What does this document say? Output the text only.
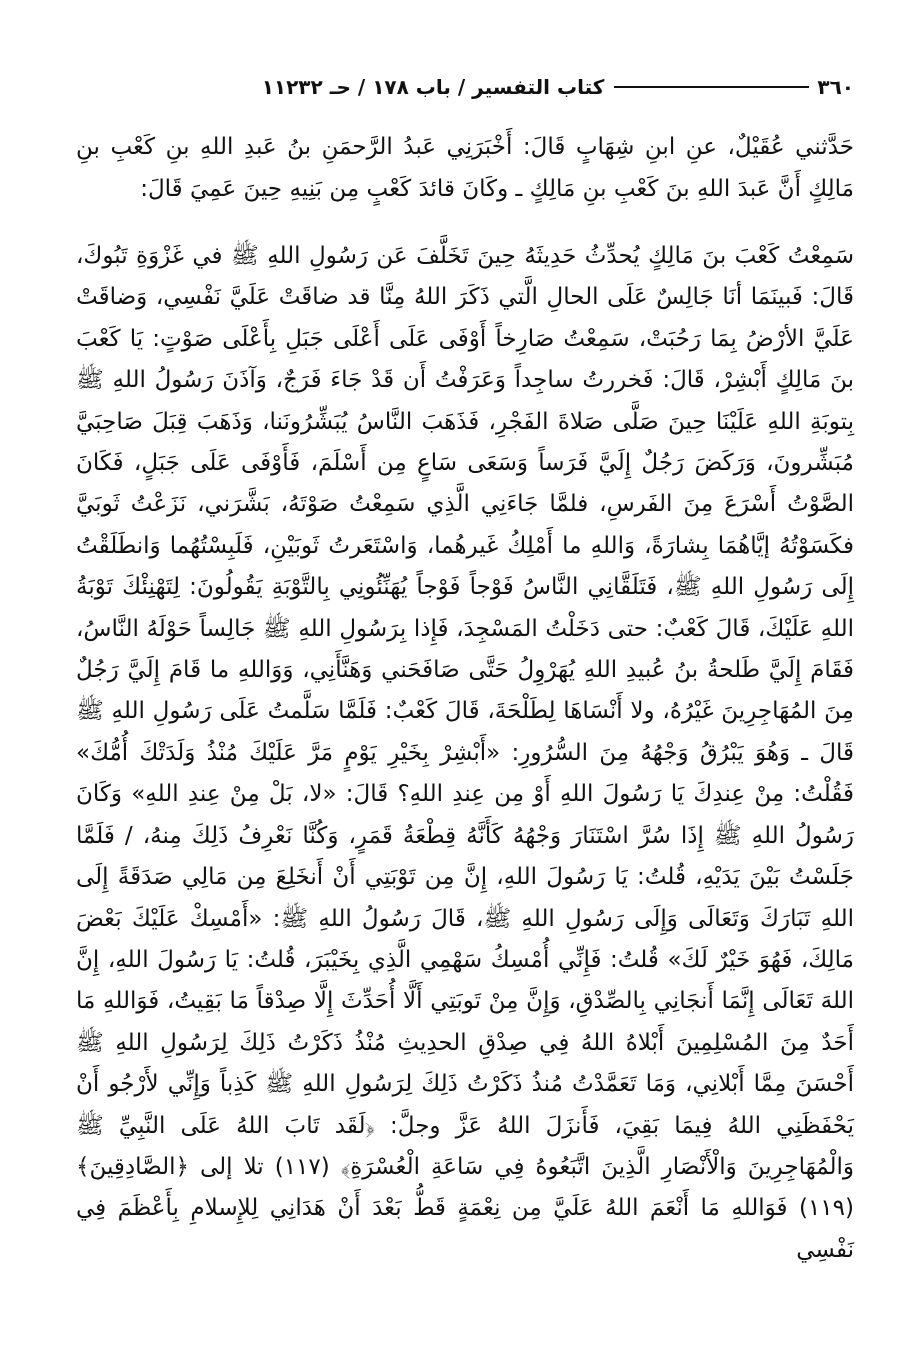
٣٦٠
كتاب التفسير / باب ١٧٨ / حـ ١١٢٣٢

حَدَّثني عُقَيْلٌ، عنِ ابنِ شِهَابٍ قَالَ: أَخْبَرَنِي عَبدُ الرَّحمَنِ بنُ عَبدِ اللهِ بنِ كَعْبِ بنِ مَالِكٍ أَنَّ عَبدَ اللهِ بنَ كَعْبِ بنِ مَالِكٍ ـ وكَانَ قائدَ كَعْبٍ مِن بَنِيهِ حِينَ عَمِيَ قَالَ:

سَمِعْتُ كَعْبَ بنَ مَالِكٍ يُحدِّثُ حَدِيثَهُ حِينَ تَخَلَّفَ عَن رَسُولِ اللهِ ﷺ في غَزْوَةِ تَبُوكَ، قَالَ: فَبينَمَا أنَا جَالِسٌ عَلَى الحالِ الَّتي ذَكَرَ اللهُ مِنَّا قد ضاقَتْ عَلَيَّ نَفْسِي، وَضاقَتْ عَلَيَّ الأرْضُ بِمَا رَحُبَتْ، سَمِعْتُ صَارِخاً أَوْفَى عَلَى أَعْلَى جَبَلِ بِأَعْلَى صَوْتٍ: يَا كَعْبَ بنَ مَالِكٍ أَبْشِرْ، قَالَ: فَخررتُ ساجِداً وَعَرَفْتُ أَن قَدْ جَاءَ فَرَجٌ، وَآذَنَ رَسُولُ اللهِ ﷺ بِتوبَةِ اللهِ عَلَيْنَا حِينَ صَلَّى صَلاةَ الفَجْرِ، فَذَهَبَ النَّاسُ يُبَشِّرُونَنا، وَذَهَبَ قِبَلَ صَاحِبَيَّ مُبَشِّرونَ، وَرَكَضَ رَجُلٌ إِلَيَّ فَرَساً وَسَعَى سَاعٍ مِن أَسْلَمَ، فَأَوْفَى عَلَى جَبَلٍ، فَكَانَ الصَّوْتُ أَسْرَعَ مِنَ الفَرسِ، فلمَّا جَاءَنِي الَّذِي سَمِعْتُ صَوْتَهُ، بَشَّرَني، نَزَعْتُ ثَوبَيَّ فكَسَوْتُهُ إيَّاهُمَا بِشارَةً، وَاللهِ ما أَمْلِكُ غَيرهُما، وَاسْتَعَرتُ ثَوبَيْنِ، فَلَبِسْتُهُما وَانطَلَقْتُ إِلَى رَسُولِ اللهِ ﷺ، فَتَلَقَّانِي النَّاسُ فَوْجاً فَوْجاً يُهَنِّئُونِي بِالتَّوْبَةِ يَقُولُونَ: لِتَهْنِئْكَ تَوْبَةُ اللهِ عَلَيْكَ، قَالَ كَعْبٌ: حتى دَخَلْتُ المَسْجِدَ، فَإِذا بِرَسُولِ اللهِ ﷺ جَالِساً حَوْلَهُ النَّاسُ، فَقَامَ إِلَيَّ طَلحةُ بنُ عُبيدِ اللهِ يُهَرْوِلُ حَتَّى صَافَحَني وَهَنَّأَنِي، وَوَاللهِ ما قَامَ إِلَيَّ رَجُلٌ مِنَ المُهَاجِرِينَ غَيْرُهُ، ولا أَنْسَاهَا لِطَلْحَةَ، قَالَ كَعْبٌ: فَلَمَّا سَلَّمتُ عَلَى رَسُولِ اللهِ ﷺ قَالَ ـ وَهُوَ يَبْرُقُ وَجْهُهُ مِنَ السُّرُورِ: «أَبْشِرْ بِخَيْرِ يَوْمٍ مَرَّ عَلَيْكَ مُنْذُ وَلَدَتْكَ أُمُّكَ» فَقُلْتُ: مِنْ عِندِكَ يَا رَسُولَ اللهِ أَوْ مِن عِندِ اللهِ؟ قَالَ: «لا، بَلْ مِنْ عِندِ اللهِ» وَكَانَ رَسُولُ اللهِ ﷺ إِذَا سُرَّ اسْتَنَارَ وَجْهُهُ كَأَنَّهُ قِطْعَةُ قَمَرٍ، وَكُنَّا نَعْرِفُ ذَلِكَ مِنهُ، / فَلَمَّا جَلَسْتُ بَيْنَ يَدَيْهِ، قُلتُ: يَا رَسُولَ اللهِ، إِنَّ مِن تَوْبَتِي أَنْ أَنخَلِعَ مِن مَالِي صَدَقَةً إِلَى اللهِ تَبَارَكَ وَتَعَالَى وَإِلَى رَسُولِ اللهِ ﷺ، قَالَ رَسُولُ اللهِ ﷺ: «أَمْسِكْ عَلَيْكَ بَعْضَ مَالِكَ، فَهُوَ خَيْرٌ لَكَ» قُلتُ: فَإِنِّي أُمْسِكُ سَهْمِي الَّذِي بِخَيْبَرَ، قُلتُ: يَا رَسُولَ اللهِ، إِنَّ اللهَ تَعَالَى إِنَّمَا أَنجَانِي بِالصِّدْقِ، وَإِنَّ مِنْ تَوبَتِي أَلَّا أُحَدِّثَ إِلَّا صِدْقاً مَا بَقِيتُ، فَوَاللهِ مَا أَحَدٌ مِنَ المُسْلِمِينَ أَبْلاهُ اللهُ فِي صِدْقِ الحدِيثِ مُنْذُ ذَكَرْتُ ذَلِكَ لِرَسُولِ اللهِ ﷺ أَحْسَنَ مِمَّا أَبْلانِي، وَمَا تَعَمَّدْتُ مُنذُ ذَكَرْتُ ذَلِكَ لِرَسُولِ اللهِ ﷺ كَذِباً وَإِنِّي لأَرْجُو أَنْ يَحْفَظَنِي اللهُ فِيمَا بَقِيَ، فَأَنزَلَ اللهُ عَزَّ وجلَّ: ﴿لَقَد تَابَ اللهُ عَلَى النَّبِيِّ ﷺ وَالْمُهَاجِرِينَ وَالْأَنْصَارِ الَّذِينَ اتَّبَعُوهُ فِي سَاعَةِ الْعُسْرَةِ﴾ (١١٧) تلا إلى ﴿الصَّادِقِينَ﴾ (١١٩) فَوَاللهِ مَا أَنْعَمَ اللهُ عَلَيَّ مِن نِعْمَةٍ قَطُّ بَعْدَ أَنْ هَدَانِي لِلإِسلامِ بِأَعْظَمَ فِي نَفْسِي
